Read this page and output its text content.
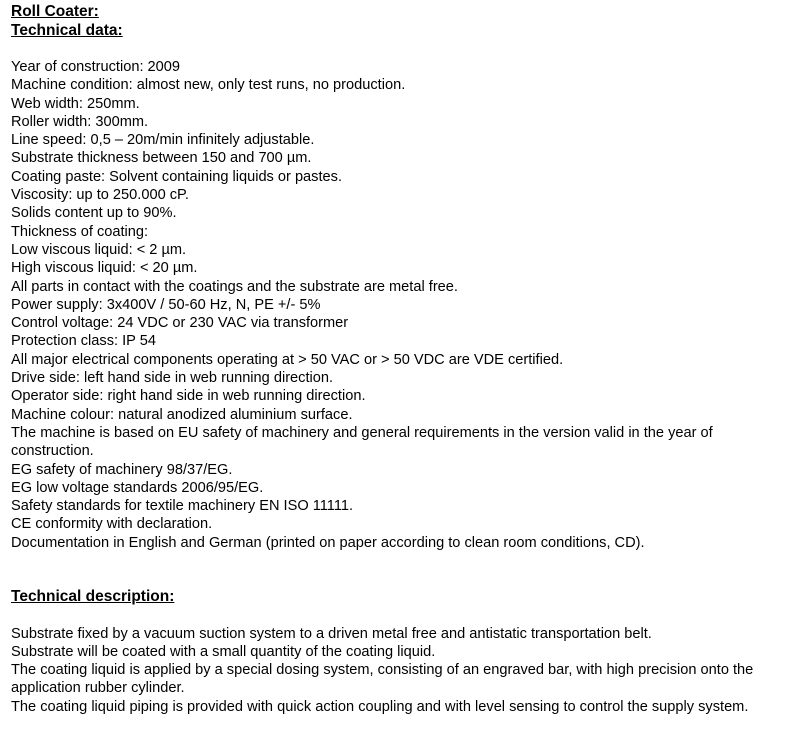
Roll Coater:

Technical data:

Year of construction: 2009

Machine condition: almost new, only test runs, no production.

Web width: 250mm.

Roller width: 300mm.

Line speed: 0,5 – 20m/min infinitely adjustable.

Substrate thickness between 150 and 700 µm.

Coating paste: Solvent containing liquids or pastes.

Viscosity: up to 250.000 cP.

Solids content up to 90%.

Thickness of coating:

Low viscous liquid: < 2 µm.

High viscous liquid: < 20 µm.

All parts in contact with the coatings and the substrate are metal free.

Power supply: 3x400V / 50-60 Hz, N, PE +/- 5%

Control voltage: 24 VDC or 230 VAC via transformer

Protection class: IP 54

All major electrical components operating at > 50 VAC or > 50 VDC are VDE certified.

Drive side: left hand side in web running direction.

Operator side: right hand side in web running direction.

Machine colour: natural anodized aluminium surface.

The machine is based on EU safety of machinery and general requirements in the version valid in the year of construction.

EG safety of machinery 98/37/EG.

EG low voltage standards 2006/95/EG.

Safety standards for textile machinery EN ISO 11111.

CE conformity with declaration.

Documentation in English and German (printed on paper according to clean room conditions, CD).

Technical description:

Substrate fixed by a vacuum suction system to a driven metal free and antistatic transportation belt.

Substrate will be coated with a small quantity of the coating liquid.

The coating liquid is applied by a special dosing system, consisting of an engraved bar, with high precision onto the application rubber cylinder.

The coating liquid piping is provided with quick action coupling and with level sensing to control the supply system.
